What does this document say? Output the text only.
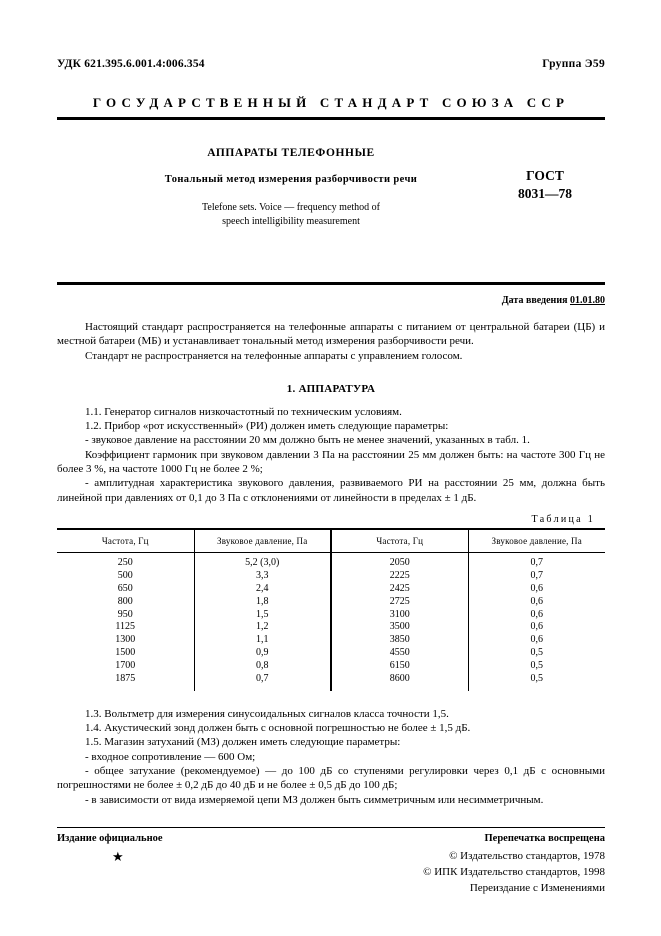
УДК 621.395.6.001.4:006.354	Группа Э59
ГОСУДАРСТВЕННЫЙ СТАНДАРТ СОЮЗА ССР
АППАРАТЫ ТЕЛЕФОННЫЕ
Тональный метод измерения разборчивости речи
Telefone sets. Voice — frequency method of
speech intelligibility measurement
ГОСТ
8031—78
Дата введения 01.01.80

Настоящий стандарт распространяется на телефонные аппараты с питанием от центральной батареи (ЦБ) и местной батареи (МБ) и устанавливает тональный метод измерения разборчивости речи.

Стандарт не распространяется на телефонные аппараты с управлением голосом.

1. АППАРАТУРА

1.1. Генератор сигналов низкочастотный по техническим условиям.

1.2. Прибор «рот искусственный» (РИ) должен иметь следующие параметры:

- звуковое давление на расстоянии 20 мм должно быть не менее значений, указанных в табл. 1.

Коэффициент гармоник при звуковом давлении 3 Па на расстоянии 25 мм должен быть: на частоте 300 Гц не более 3 %, на частоте 1000 Гц не более 2 %;

- амплитудная характеристика звукового давления, развиваемого РИ на расстоянии 25 мм, должна быть линейной при давлениях от 0,1 до 3 Па с отклонениями от линейности в пределах ± 1 дБ.

Таблица 1
Частота, Гц	Звуковое давление, Па	Частота, Гц	Звуковое давление, Па
250	5,2 (3,0)	2050	0,7
500	3,3	2225	0,7
650	2,4	2425	0,6
800	1,8	2725	0,6
950	1,5	3100	0,6
1125	1,2	3500	0,6
1300	1,1	3850	0,6
1500	0,9	4550	0,5
1700	0,8	6150	0,5
1875	0,7	8600	0,5

1.3. Вольтметр для измерения синусоидальных сигналов класса точности 1,5.

1.4. Акустический зонд должен быть с основной погрешностью не более ± 1,5 дБ.

1.5. Магазин затуханий (МЗ) должен иметь следующие параметры:

- входное сопротивление — 600 Ом;

- общее затухание (рекомендуемое) — до 100 дБ со ступенями регулировки через 0,1 дБ с основными погрешностями не более ± 0,2 дБ до 40 дБ и не более ± 0,5 дБ до 100 дБ;

- в зависимости от вида измеряемой цепи МЗ должен быть симметричным или несимметричным.

Издание официальное	Перепечатка воспрещена
★	© Издательство стандартов, 1978
© ИПК Издательство стандартов, 1998
Переиздание с Изменениями
